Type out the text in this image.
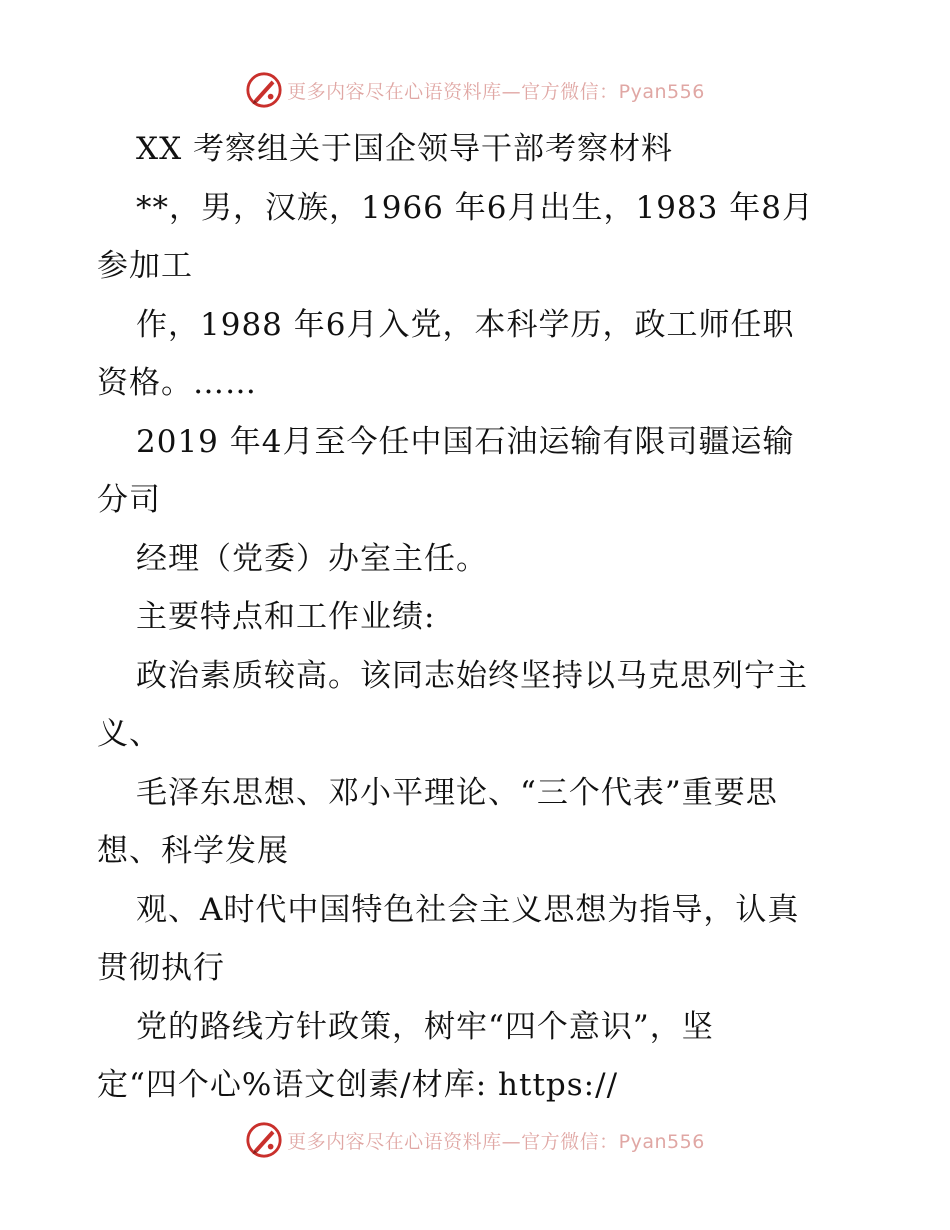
更多内容尽在心语资料库—官方微信：Pyan556
XX 考察组关于国企领导干部考察材料
**，男，汉族，1966 年6月出生，1983 年8月
参加工
作，1988 年6月入党，本科学历，政工师任职
资格。……
2019 年4月至今任中国石油运输有限司疆运输
分司
经理（党委）办室主任。
主要特点和工作业绩:
政治素质较高。该同志始终坚持以马克思列宁主
义、
毛泽东思想、邓小平理论、“三个代表”重要思
想、科学发展
观、A时代中国特色社会主义思想为指导，认真
贯彻执行
党的路线方针政策，树牢“四个意识”，坚
定“四个心%语文创素/材库: https://
更多内容尽在心语资料库—官方微信：Pyan556
